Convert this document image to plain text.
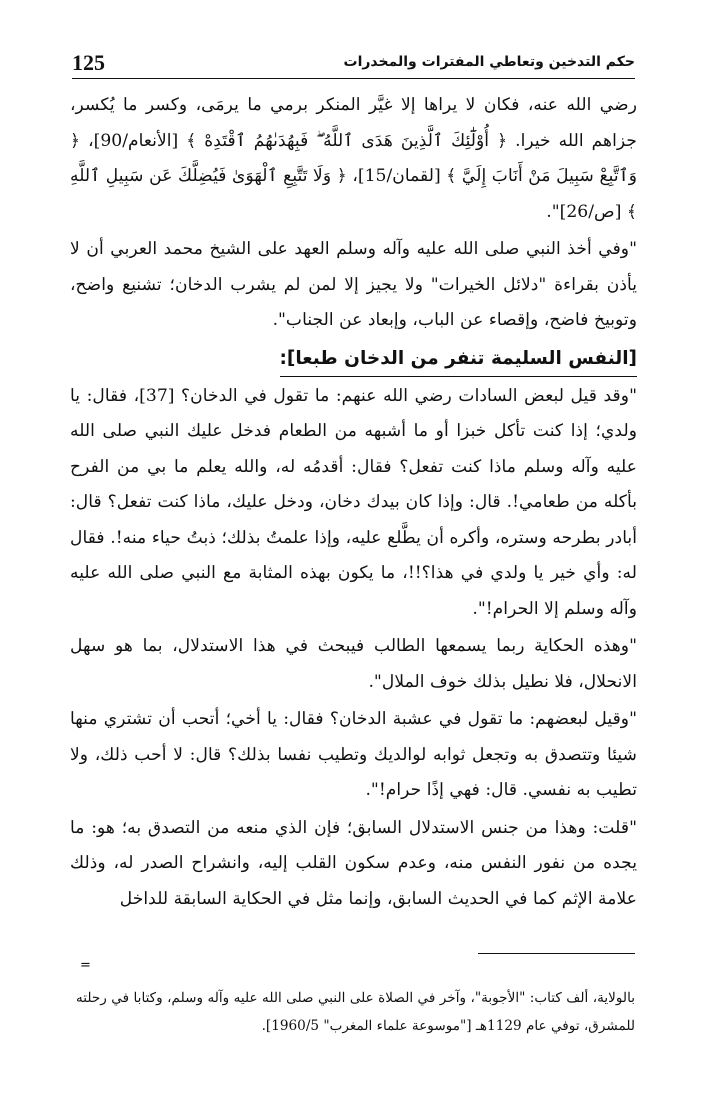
125	حكم التدخين وتعاطي المفترات والمخدرات

رضي الله عنه، فكان لا يراها إلا غيَّر المنكر برمي ما يرمَى، وكسر ما يُكسر، جزاهم الله خيرا. ﴿ أُوْلَٰٓئِكَ ٱلَّذِينَ هَدَى ٱللَّهُ ۖ فَبِهُدَىٰهُمُ ٱقْتَدِهْ ﴾ [الأنعام/90]، ﴿ وَٱتَّبِعْ سَبِيلَ مَنْ أَنَابَ إِلَيَّ ﴾ [لقمان/15]، ﴿ وَلَا تَتَّبِعِ ٱلْهَوَىٰ فَيُضِلَّكَ عَن سَبِيلِ ٱللَّهِ ﴾ [ص/26]".

"وفي أخذ النبي صلى الله عليه وآله وسلم العهد على الشيخ محمد العربي أن لا يأذن بقراءة "دلائل الخيرات" ولا يجيز إلا لمن لم يشرب الدخان؛ تشنيع واضح، وتوبيخ فاضح، وإقصاء عن الباب، وإبعاد عن الجناب".

[النفس السليمة تنفر من الدخان طبعا]:

"وقد قيل لبعض السادات رضي الله عنهم: ما تقول في الدخان؟ [37]، فقال: يا ولدي؛ إذا كنت تأكل خبزا أو ما أشبهه من الطعام فدخل عليك النبي صلى الله عليه وآله وسلم ماذا كنت تفعل؟ فقال: أقدمُه له، والله يعلم ما بي من الفرح بأكله من طعامي!. قال: وإذا كان بيدك دخان، ودخل عليك، ماذا كنت تفعل؟ قال: أبادر بطرحه وستره، وأكره أن يطَّلع عليه، وإذا علمتُ بذلك؛ ذبتُ حياء منه!. فقال له: وأي خير يا ولدي في هذا؟!!، ما يكون بهذه المثابة مع النبي صلى الله عليه وآله وسلم إلا الحرام!".

"وهذه الحكاية ربما يسمعها الطالب فيبحث في هذا الاستدلال، بما هو سهل الانحلال، فلا نطيل بذلك خوف الملال".

"وقيل لبعضهم: ما تقول في عشبة الدخان؟ فقال: يا أخي؛ أتحب أن تشتري منها شيئا وتتصدق به وتجعل ثوابه لوالديك وتطيب نفسا بذلك؟ قال: لا أحب ذلك، ولا تطيب به نفسي. قال: فهي إذًا حرام!".

"قلت: وهذا من جنس الاستدلال السابق؛ فإن الذي منعه من التصدق به؛ هو: ما يجده من نفور النفس منه، وعدم سكون القلب إليه، وانشراح الصدر له، وذلك علامة الإثم كما في الحديث السابق، وإنما مثل في الحكاية السابقة للداخل

=

بالولاية، ألف كتاب: "الأجوبة"، وآخر في الصلاة على النبي صلى الله عليه وآله وسلم، وكتابا في رحلته للمشرق، توفي عام 1129هـ ["موسوعة علماء المغرب" 1960/5].
